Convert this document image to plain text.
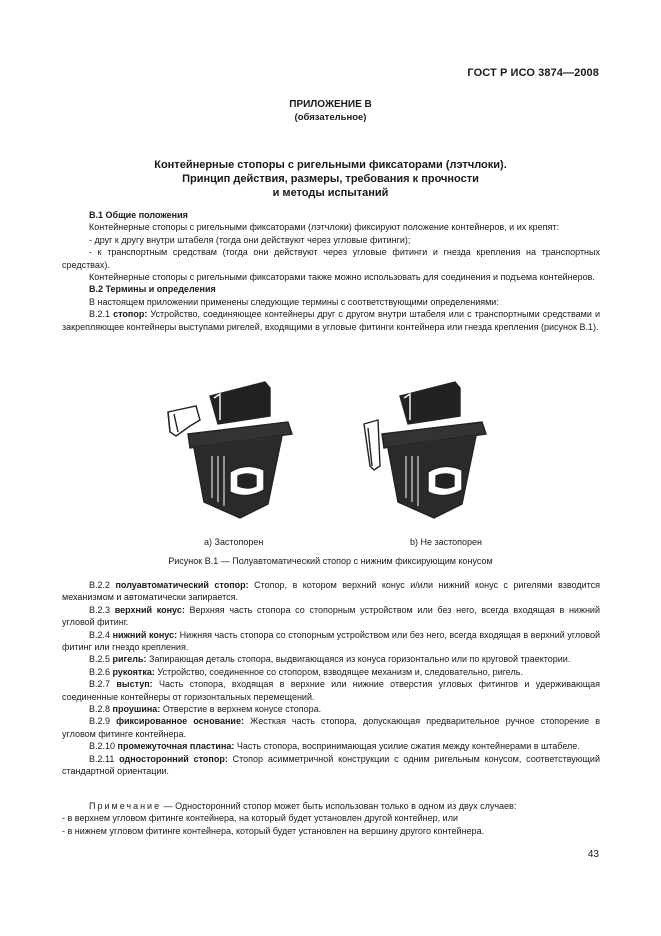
ГОСТ Р ИСО 3874—2008
ПРИЛОЖЕНИЕ В
(обязательное)
Контейнерные стопоры с ригельными фиксаторами (лэтчлоки).
Принцип действия, размеры, требования к прочности
и методы испытаний

В.1 Общие положения

Контейнерные стопоры с ригельными фиксаторами (лэтчлоки) фиксируют положение контейнеров, и их крепят:

- друг к другу внутри штабеля (тогда они действуют через угловые фитинги);

- к транспортным средствам (тогда они действуют через угловые фитинги и гнезда крепления на транспортных средствах).

Контейнерные стопоры с ригельными фиксаторами также можно использовать для соединения и подъема контейнеров.

В.2 Термины и определения

В настоящем приложении применены следующие термины с соответствующими определениями:

В.2.1 стопор: Устройство, соединяющее контейнеры друг с другом внутри штабеля или с транспортными средствами и закрепляющее контейнеры выступами ригелей, входящими в угловые фитинги контейнера или гнезда крепления (рисунок В.1).

a) Застопорен	b) Не застопорен
Рисунок В.1 — Полуавтоматический стопор с нижним фиксирующим конусом

В.2.2 полуавтоматический стопор: Стопор, в котором верхний конус и/или нижний конус с ригелями взводится механизмом и автоматически запирается.

В.2.3 верхний конус: Верхняя часть стопора со стопорным устройством или без него, всегда входящая в нижний угловой фитинг.

В.2.4 нижний конус: Нижняя часть стопора со стопорным устройством или без него, всегда входящая в верхний угловой фитинг или гнездо крепления.

В.2.5 ригель: Запирающая деталь стопора, выдвигающаяся из конуса горизонтально или по круговой траектории.

В.2.6 рукоятка: Устройство, соединенное со стопором, взводящее механизм и, следовательно, ригель.

В.2.7 выступ: Часть стопора, входящая в верхние или нижние отверстия угловых фитингов и удерживающая соединенные контейнеры от горизонтальных перемещений.

В.2.8 проушина: Отверстие в верхнем конусе стопора.

В.2.9 фиксированное основание: Жесткая часть стопора, допускающая предварительное ручное стопорение в угловом фитинге контейнера.

В.2.10 промежуточная пластина: Часть стопора, воспринимающая усилие сжатия между контейнерами в штабеле.

В.2.11 односторонний стопор: Стопор асимметричной конструкции с одним ригельным конусом, соответствующий стандартной ориентации.

Примечание — Односторонний стопор может быть использован только в одном из двух случаев:

- в верхнем угловом фитинге контейнера, на который будет установлен другой контейнер, или

- в нижнем угловом фитинге контейнера, который будет установлен на вершину другого контейнера.

43
